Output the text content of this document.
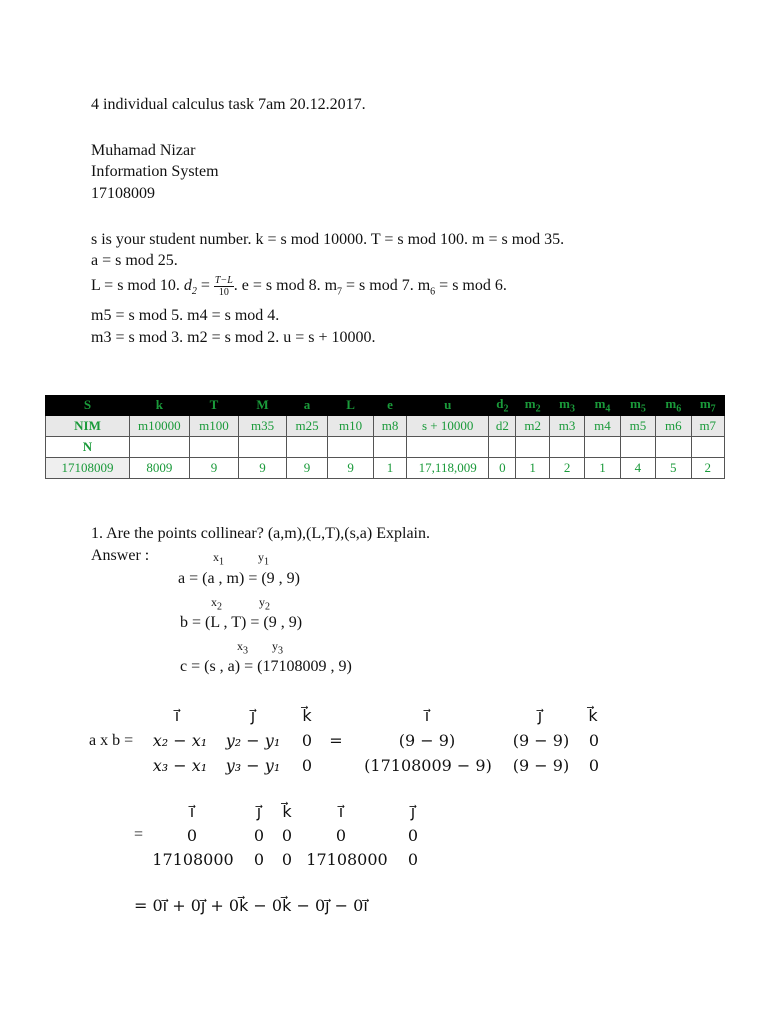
4 individual calculus task 7am 20.12.2017.
Muhamad Nizar
Information System
17108009
s is your student number. k = s mod 10000. T = s mod 100. m = s mod 35.
a = s mod 25.
L = s mod 10. $d_2 = \frac{T-L}{10}$ . e = s mod 8. $m_7 = s$ mod 7. $m_6 = s$ mod 6.
m5 = s mod 5. m4 = s mod 4.
m3 = s mod 3. m2 = s mod 2. u = s + 10000.
S	k	T	M	a	L	e	u	$d_2$	$m_2$	$m_3$	$m_4$	$m_5$	$m_6$	$m_7$
NIM	m10000	m100	m35	m25	m10	m8	s + 10000	d2	m2	m3	m4	m5	m6	m7
N														
17108009	8009	9	9	9	9	1	17,118,009	0	1	2	1	4	5	2
1. Are the points collinear? (a,m),(L,T),(s,a) Explain.
Answer :	$x_1$	$y_1$
a = (a , m) = (9 , 9)
$x_2$	$y_2$
b = (L , T) = (9 , 9)
$x_3$ $y_3$
c = (s , a) = (17108009 , 9)
i⃗	j⃗	k⃗	i⃗	j⃗	k⃗
a x b =	x₂ − x₁	y₂ − y₁ 0 =	(9 − 9)	(9 − 9)	0
x₃ − x₁	y₃ − y₁ 0	(17108009 − 9)	(9 − 9)	0
i⃗	j⃗	k⃗	i⃗	j⃗
=	0	0	0	0	0
17108000	0	0 17108000	0
= 0i⃗ + 0j⃗ + 0k⃗ − 0k⃗ − 0j⃗ − 0i⃗
